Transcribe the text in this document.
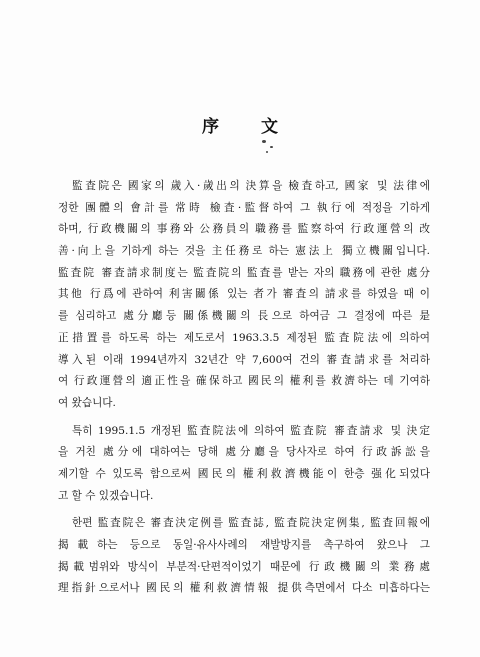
序 文
監査院은 國家의 歲入·歲出의 決算을 檢査하고, 國家 및 法律에
정한 團體의 會計를 常時 檢査·監督하여 그 執行에 적정을 기하게
하며, 行政機關의 事務와 公務員의 職務를 監察하여 行政運營의 改
善·向上을 기하게 하는 것을 主任務로 하는 憲法上 獨立機關입니다.
監査院 審査請求制度는 監査院의 監査를 받는 자의 職務에 관한 處分
其他 行爲에 관하여 利害關係 있는 者가 審査의 請求를 하였을 때 이
를 심리하고 處分廳등 關係機關의 長으로 하여금 그 결정에 따른 是
正措置를 하도록 하는 제도로서 1963.3.5 제정된 監査院法에 의하여
導入된 이래 1994년까지 32년간 약 7,600여 건의 審査請求를 처리하
여 行政運營의 適正性을 確保하고 國民의 權利를 救濟하는 데 기여하
여 왔습니다.
특히 1995.1.5 개정된 監査院法에 의하여 監査院 審査請求 및 決定
을 거친 處分에 대하여는 당해 處分廳을 당사자로 하여 行政訴訟을
제기할 수 있도록 함으로써 國民의 權利救濟機能이 한층 强化되었다
고 할 수 있겠습니다.
한편 監査院은 審査決定例를 監査誌, 監査院決定例集, 監査回報에
揭載하는 등으로 동일·유사사례의 재발방지를 촉구하여 왔으나 그
揭載범위와 방식이 부분적·단편적이었기 때문에 行政機關의 業務處
理指針으로서나 國民의 權利救濟情報 提供측면에서 다소 미흡하다는
